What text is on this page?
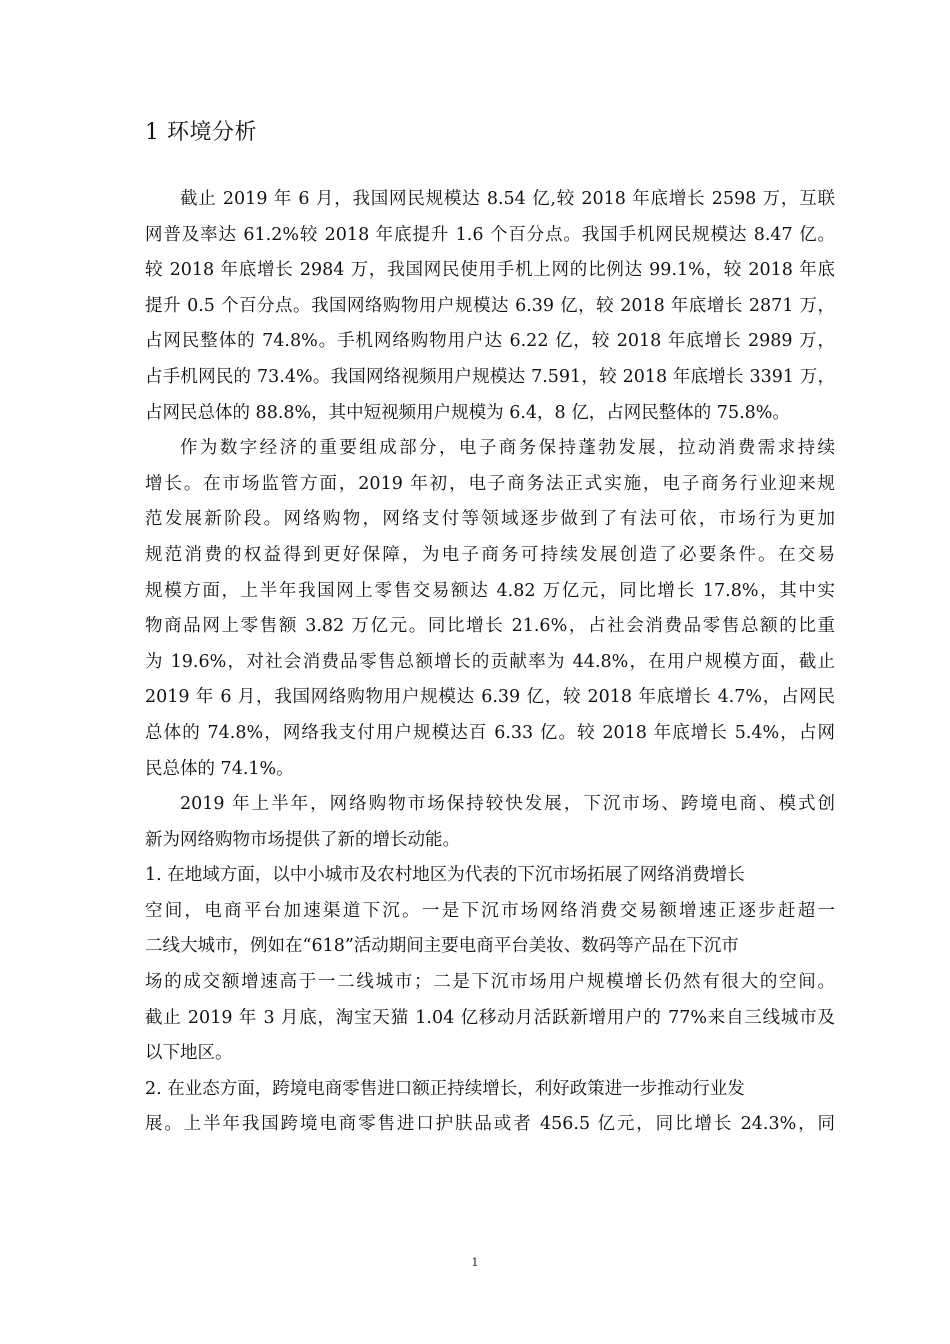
1 环境分析
截止 2019 年 6 月，我国网民规模达 8.54 亿,较 2018 年底增长 2598 万，互联
网普及率达 61.2%较 2018 年底提升 1.6 个百分点。我国手机网民规模达 8.47 亿。
较 2018 年底增长 2984 万，我国网民使用手机上网的比例达 99.1%，较 2018 年底
提升 0.5 个百分点。我国网络购物用户规模达 6.39 亿，较 2018 年底增长 2871 万，
占网民整体的 74.8%。手机网络购物用户达 6.22 亿，较 2018 年底增长 2989 万，
占手机网民的 73.4%。我国网络视频用户规模达 7.591，较 2018 年底增长 3391 万，
占网民总体的 88.8%，其中短视频用户规模为 6.4，8 亿，占网民整体的 75.8%。
作为数字经济的重要组成部分，电子商务保持蓬勃发展，拉动消费需求持续
增长。在市场监管方面，2019 年初，电子商务法正式实施，电子商务行业迎来规
范发展新阶段。网络购物，网络支付等领域逐步做到了有法可依，市场行为更加
规范消费的权益得到更好保障，为电子商务可持续发展创造了必要条件。在交易
规模方面，上半年我国网上零售交易额达 4.82 万亿元，同比增长 17.8%，其中实
物商品网上零售额 3.82 万亿元。同比增长 21.6%，占社会消费品零售总额的比重
为 19.6%，对社会消费品零售总额增长的贡献率为 44.8%，在用户规模方面，截止
2019 年 6 月，我国网络购物用户规模达 6.39 亿，较 2018 年底增长 4.7%，占网民
总体的 74.8%，网络我支付用户规模达百 6.33 亿。较 2018 年底增长 5.4%，占网
民总体的 74.1%。
2019 年上半年，网络购物市场保持较快发展，下沉市场、跨境电商、模式创
新为网络购物市场提供了新的增长动能。
1. 在地域方面，以中小城市及农村地区为代表的下沉市场拓展了网络消费增长
空间，电商平台加速渠道下沉。一是下沉市场网络消费交易额增速正逐步赶超一
二线大城市，例如在“618”活动期间主要电商平台美妆、数码等产品在下沉市
场的成交额增速高于一二线城市；二是下沉市场用户规模增长仍然有很大的空间。
截止 2019 年 3 月底，淘宝天猫 1.04 亿移动月活跃新增用户的 77%来自三线城市及
以下地区。
2. 在业态方面，跨境电商零售进口额正持续增长，利好政策进一步推动行业发
展。上半年我国跨境电商零售进口护肤品或者 456.5 亿元，同比增长 24.3%，同
1
